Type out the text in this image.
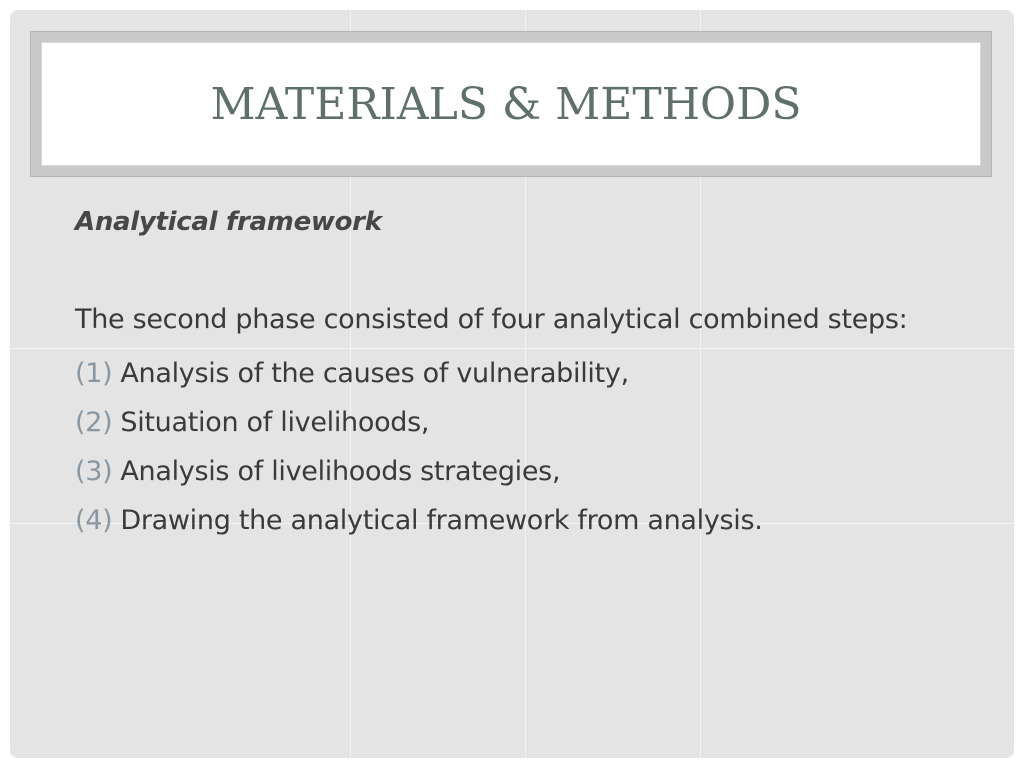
MATERIALS & METHODS

Analytical framework

The second phase consisted of four analytical combined steps:
(1) Analysis of the causes of vulnerability,
(2) Situation of livelihoods,
(3) Analysis of livelihoods strategies,
(4) Drawing the analytical framework from analysis.
